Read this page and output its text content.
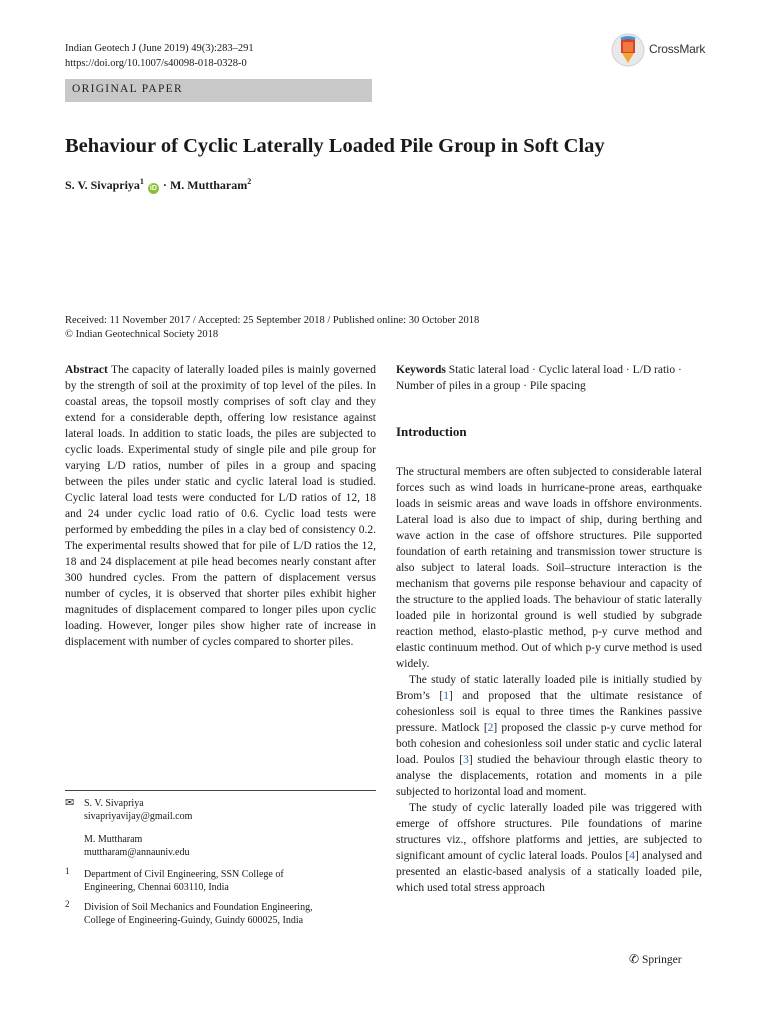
Indian Geotech J (June 2019) 49(3):283–291
https://doi.org/10.1007/s40098-018-0328-0
CrossMark
ORIGINAL PAPER
Behaviour of Cyclic Laterally Loaded Pile Group in Soft Clay
S. V. Sivapriya$^1$ iD · M. Muttharam$^2$
Received: 11 November 2017 / Accepted: 25 September 2018 / Published online: 30 October 2018
© Indian Geotechnical Society 2018
Abstract The capacity of laterally loaded piles is mainly governed by the strength of soil at the proximity of top level of the piles. In coastal areas, the topsoil mostly comprises of soft clay and they extend for a considerable depth, offering low resistance against lateral loads. In addition to static loads, the piles are subjected to cyclic loads. Experimental study of single pile and pile group for varying L/D ratios, number of piles in a group and spacing between the piles under static and cyclic lateral load is studied. Cyclic lateral load tests were conducted for L/D ratios of 12, 18 and 24 under cyclic load ratio of 0.6. Cyclic load tests were performed by embedding the piles in a clay bed of consistency 0.2. The experimental results showed that for pile of L/D ratios the 12, 18 and 24 displacement at pile head becomes nearly constant after 300 hundred cycles. From the pattern of displacement versus number of cycles, it is observed that shorter piles exhibit higher magnitudes of displacement compared to longer piles upon cyclic loading. However, longer piles show higher rate of increase in displacement with number of cycles compared to shorter piles.
✉ S. V. Sivapriya
sivapriyavijay@gmail.com
M. Muttharam
muttharam@annauniv.edu
1 Department of Civil Engineering, SSN College of
Engineering, Chennai 603110, India
2 Division of Soil Mechanics and Foundation Engineering,
College of Engineering-Guindy, Guindy 600025, India
Keywords Static lateral load · Cyclic lateral load · L/D ratio · Number of piles in a group · Pile spacing
Introduction

The structural members are often subjected to considerable lateral forces such as wind loads in hurricane-prone areas, earthquake loads in seismic areas and wave loads in offshore environments. Lateral load is also due to impact of ship, during berthing and wave action in the case of offshore structures. Pile supported foundation of earth retaining and transmission tower structure is also subject to lateral loads. Soil–structure interaction is the mechanism that governs pile response behaviour and capacity of the structure to the applied loads. The behaviour of static laterally loaded pile in horizontal ground is well studied by subgrade reaction method, elasto-plastic method, p-y curve method and elastic continuum method. Out of which p-y curve method is used widely.

The study of static laterally loaded pile is initially studied by Brom’s [1] and proposed that the ultimate resistance of cohesionless soil is equal to three times the Rankines passive pressure. Matlock [2] proposed the classic p-y curve method for both cohesion and cohesionless soil under static and cyclic lateral load. Poulos [3] studied the behaviour through elastic theory to analyse the displacements, rotation and moments in a pile subjected to horizontal load and moment.

The study of cyclic laterally loaded pile was triggered with emerge of offshore structures. Pile foundations of marine structures viz., offshore platforms and jetties, are subjected to significant amount of cyclic lateral loads. Poulos [4] analysed and presented an elastic-based analysis of a statically loaded pile, which used total stress approach

✆ Springer
